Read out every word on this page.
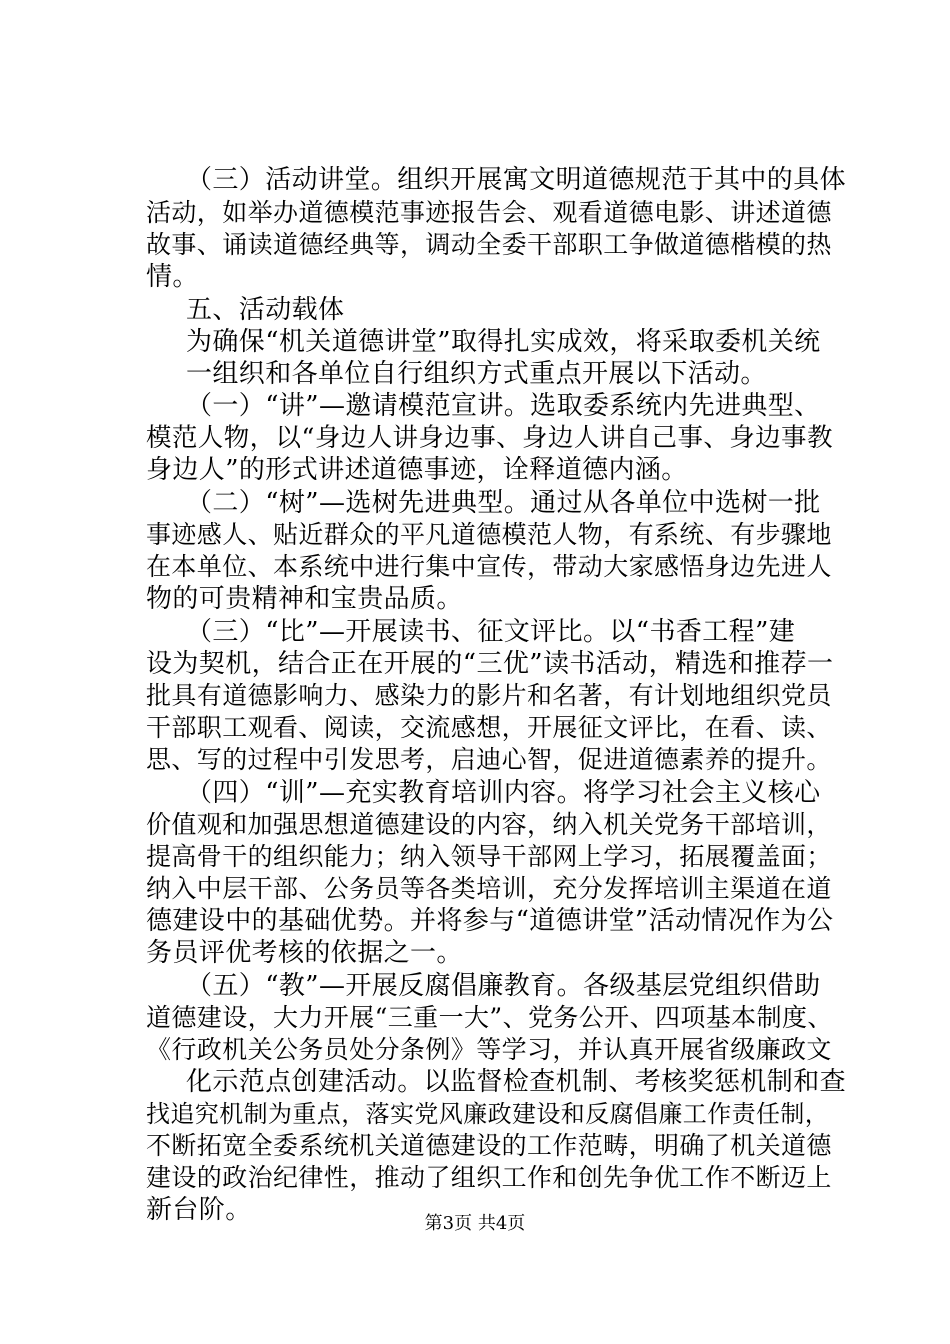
（三）活动讲堂。组织开展寓文明道德规范于其中的具体
活动，如举办道德模范事迹报告会、观看道德电影、讲述道德
故事、诵读道德经典等，调动全委干部职工争做道德楷模的热
情。
五、活动载体
为确保“机关道德讲堂”取得扎实成效，将采取委机关统
一组织和各单位自行组织方式重点开展以下活动。
（一）“讲”—邀请模范宣讲。选取委系统内先进典型、
模范人物，以“身边人讲身边事、身边人讲自己事、身边事教
身边人”的形式讲述道德事迹，诠释道德内涵。
（二）“树”—选树先进典型。通过从各单位中选树一批
事迹感人、贴近群众的平凡道德模范人物，有系统、有步骤地
在本单位、本系统中进行集中宣传，带动大家感悟身边先进人
物的可贵精神和宝贵品质。
（三）“比”—开展读书、征文评比。以“书香工程”建
设为契机，结合正在开展的“三优”读书活动，精选和推荐一
批具有道德影响力、感染力的影片和名著，有计划地组织党员
干部职工观看、阅读，交流感想，开展征文评比，在看、读、
思、写的过程中引发思考，启迪心智，促进道德素养的提升。
（四）“训”—充实教育培训内容。将学习社会主义核心
价值观和加强思想道德建设的内容，纳入机关党务干部培训，
提高骨干的组织能力；纳入领导干部网上学习，拓展覆盖面；
纳入中层干部、公务员等各类培训，充分发挥培训主渠道在道
德建设中的基础优势。并将参与“道德讲堂”活动情况作为公
务员评优考核的依据之一。
（五）“教”—开展反腐倡廉教育。各级基层党组织借助
道德建设，大力开展“三重一大”、党务公开、四项基本制度、
《行政机关公务员处分条例》等学习，并认真开展省级廉政文
化示范点创建活动。以监督检查机制、考核奖惩机制和查
找追究机制为重点，落实党风廉政建设和反腐倡廉工作责任制，
不断拓宽全委系统机关道德建设的工作范畴，明确了机关道德
建设的政治纪律性，推动了组织工作和创先争优工作不断迈上
新台阶。	第3页 共4页
